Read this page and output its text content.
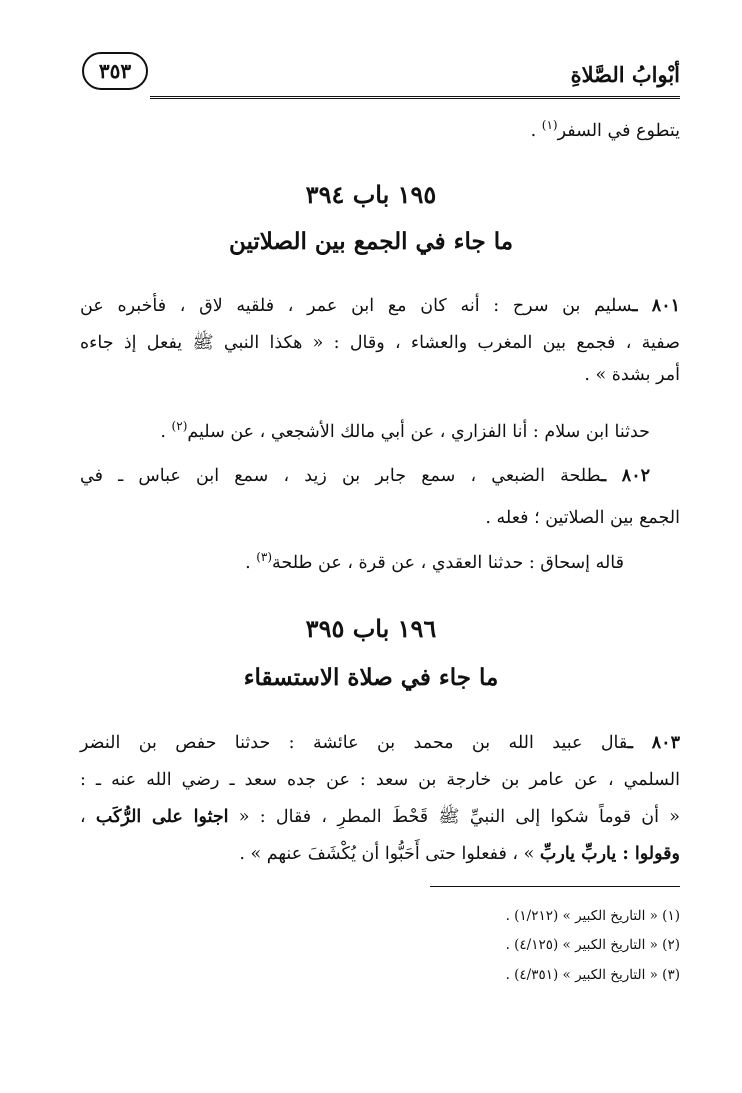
أبْوابُ الصَّلاةِ
٣٥٣
يتطوع في السفر$^{(١)}$ .
١٩٥ باب ٣٩٤
ما جاء في الجمع بين الصلاتين
٨٠١ ـسليم بن سرح : أنه كان مع ابن عمر ، فلقيه لاق ، فأخبره عن
صفية ، فجمع بين المغرب والعشاء ، وقال : « هكذا النبي ﷺ يفعل إذ جاءه
أمر بشدة » .
حدثنا ابن سلام : أنا الفزاري ، عن أبي مالك الأشجعي ، عن سليم$^{(٢)}$ .
٨٠٢ ـطلحة الضبعي ، سمع جابر بن زيد ، سمع ابن عباس ـ في
الجمع بين الصلاتين ؛ فعله .
قاله إسحاق : حدثنا العقدي ، عن قرة ، عن طلحة$^{(٣)}$ .
١٩٦ باب ٣٩٥
ما جاء في صلاة الاستسقاء
٨٠٣ ـقال عبيد الله بن محمد بن عائشة : حدثنا حفص بن النضر
السلمي ، عن عامر بن خارجة بن سعد : عن جده سعد ـ رضي الله عنه ـ :
« أن قوماً شكوا إلى النبيِّ ﷺ قَحْطَ المطرِ ، فقال : « اجثوا على الرُّكَب ،
وقولوا : ياربِّ ياربِّ » ، ففعلوا حتى أَحَبُّوا أن يُكْشَفَ عنهم » .
(١) « التاريخ الكبير » (١/٢١٢) .
(٢) « التاريخ الكبير » (٤/١٢٥) .
(٣) « التاريخ الكبير » (٤/٣٥١) .
